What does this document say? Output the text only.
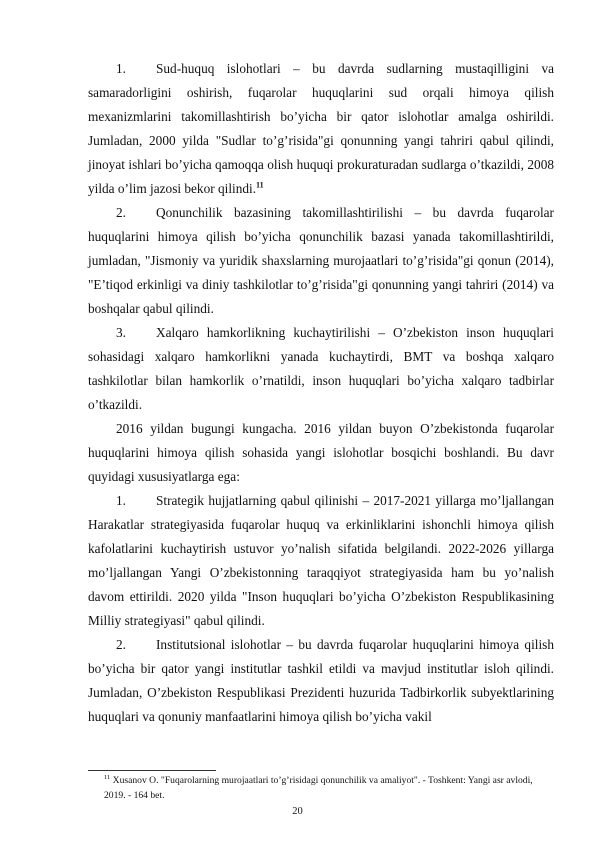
1. Sud-huquq islohotlari – bu davrda sudlarning mustaqilligini va samaradorligini oshirish, fuqarolar huquqlarini sud orqali himoya qilish mexanizmlarini takomillashtirish bo’yicha bir qator islohotlar amalga oshirildi. Jumladan, 2000 yilda "Sudlar to’g’risida"gi qonunning yangi tahriri qabul qilindi, jinoyat ishlari bo’yicha qamoqqa olish huquqi prokuraturadan sudlarga o’tkazildi, 2008 yilda o’lim jazosi bekor qilindi.$^{11}$
2. Qonunchilik bazasining takomillashtirilishi – bu davrda fuqarolar huquqlarini himoya qilish bo’yicha qonunchilik bazasi yanada takomillashtirildi, jumladan, "Jismoniy va yuridik shaxslarning murojaatlari to’g’risida"gi qonun (2014), "E’tiqod erkinligi va diniy tashkilotlar to’g’risida"gi qonunning yangi tahriri (2014) va boshqalar qabul qilindi.
3. Xalqaro hamkorlikning kuchaytirilishi – O’zbekiston inson huquqlari sohasidagi xalqaro hamkorlikni yanada kuchaytirdi, BMT va boshqa xalqaro tashkilotlar bilan hamkorlik o’rnatildi, inson huquqlari bo’yicha xalqaro tadbirlar o’tkazildi.
2016 yildan bugungi kungacha. 2016 yildan buyon O’zbekistonda fuqarolar huquqlarini himoya qilish sohasida yangi islohotlar bosqichi boshlandi. Bu davr quyidagi xususiyatlarga ega:
1. Strategik hujjatlarning qabul qilinishi – 2017-2021 yillarga mo’ljallangan Harakatlar strategiyasida fuqarolar huquq va erkinliklarini ishonchli himoya qilish kafolatlarini kuchaytirish ustuvor yo’nalish sifatida belgilandi. 2022-2026 yillarga mo’ljallangan Yangi O’zbekistonning taraqqiyot strategiyasida ham bu yo’nalish davom ettirildi. 2020 yilda "Inson huquqlari bo’yicha O’zbekiston Respublikasining Milliy strategiyasi" qabul qilindi.
2. Institutsional islohotlar – bu davrda fuqarolar huquqlarini himoya qilish bo’yicha bir qator yangi institutlar tashkil etildi va mavjud institutlar isloh qilindi. Jumladan, O’zbekiston Respublikasi Prezidenti huzurida Tadbirkorlik subyektlarining huquqlari va qonuniy manfaatlarini himoya qilish bo’yicha vakil
$^{11}$ Xusanov O. "Fuqarolarning murojaatlari to’g’risidagi qonunchilik va amaliyot". - Toshkent: Yangi asr avlodi, 2019. - 164 bet.
20
